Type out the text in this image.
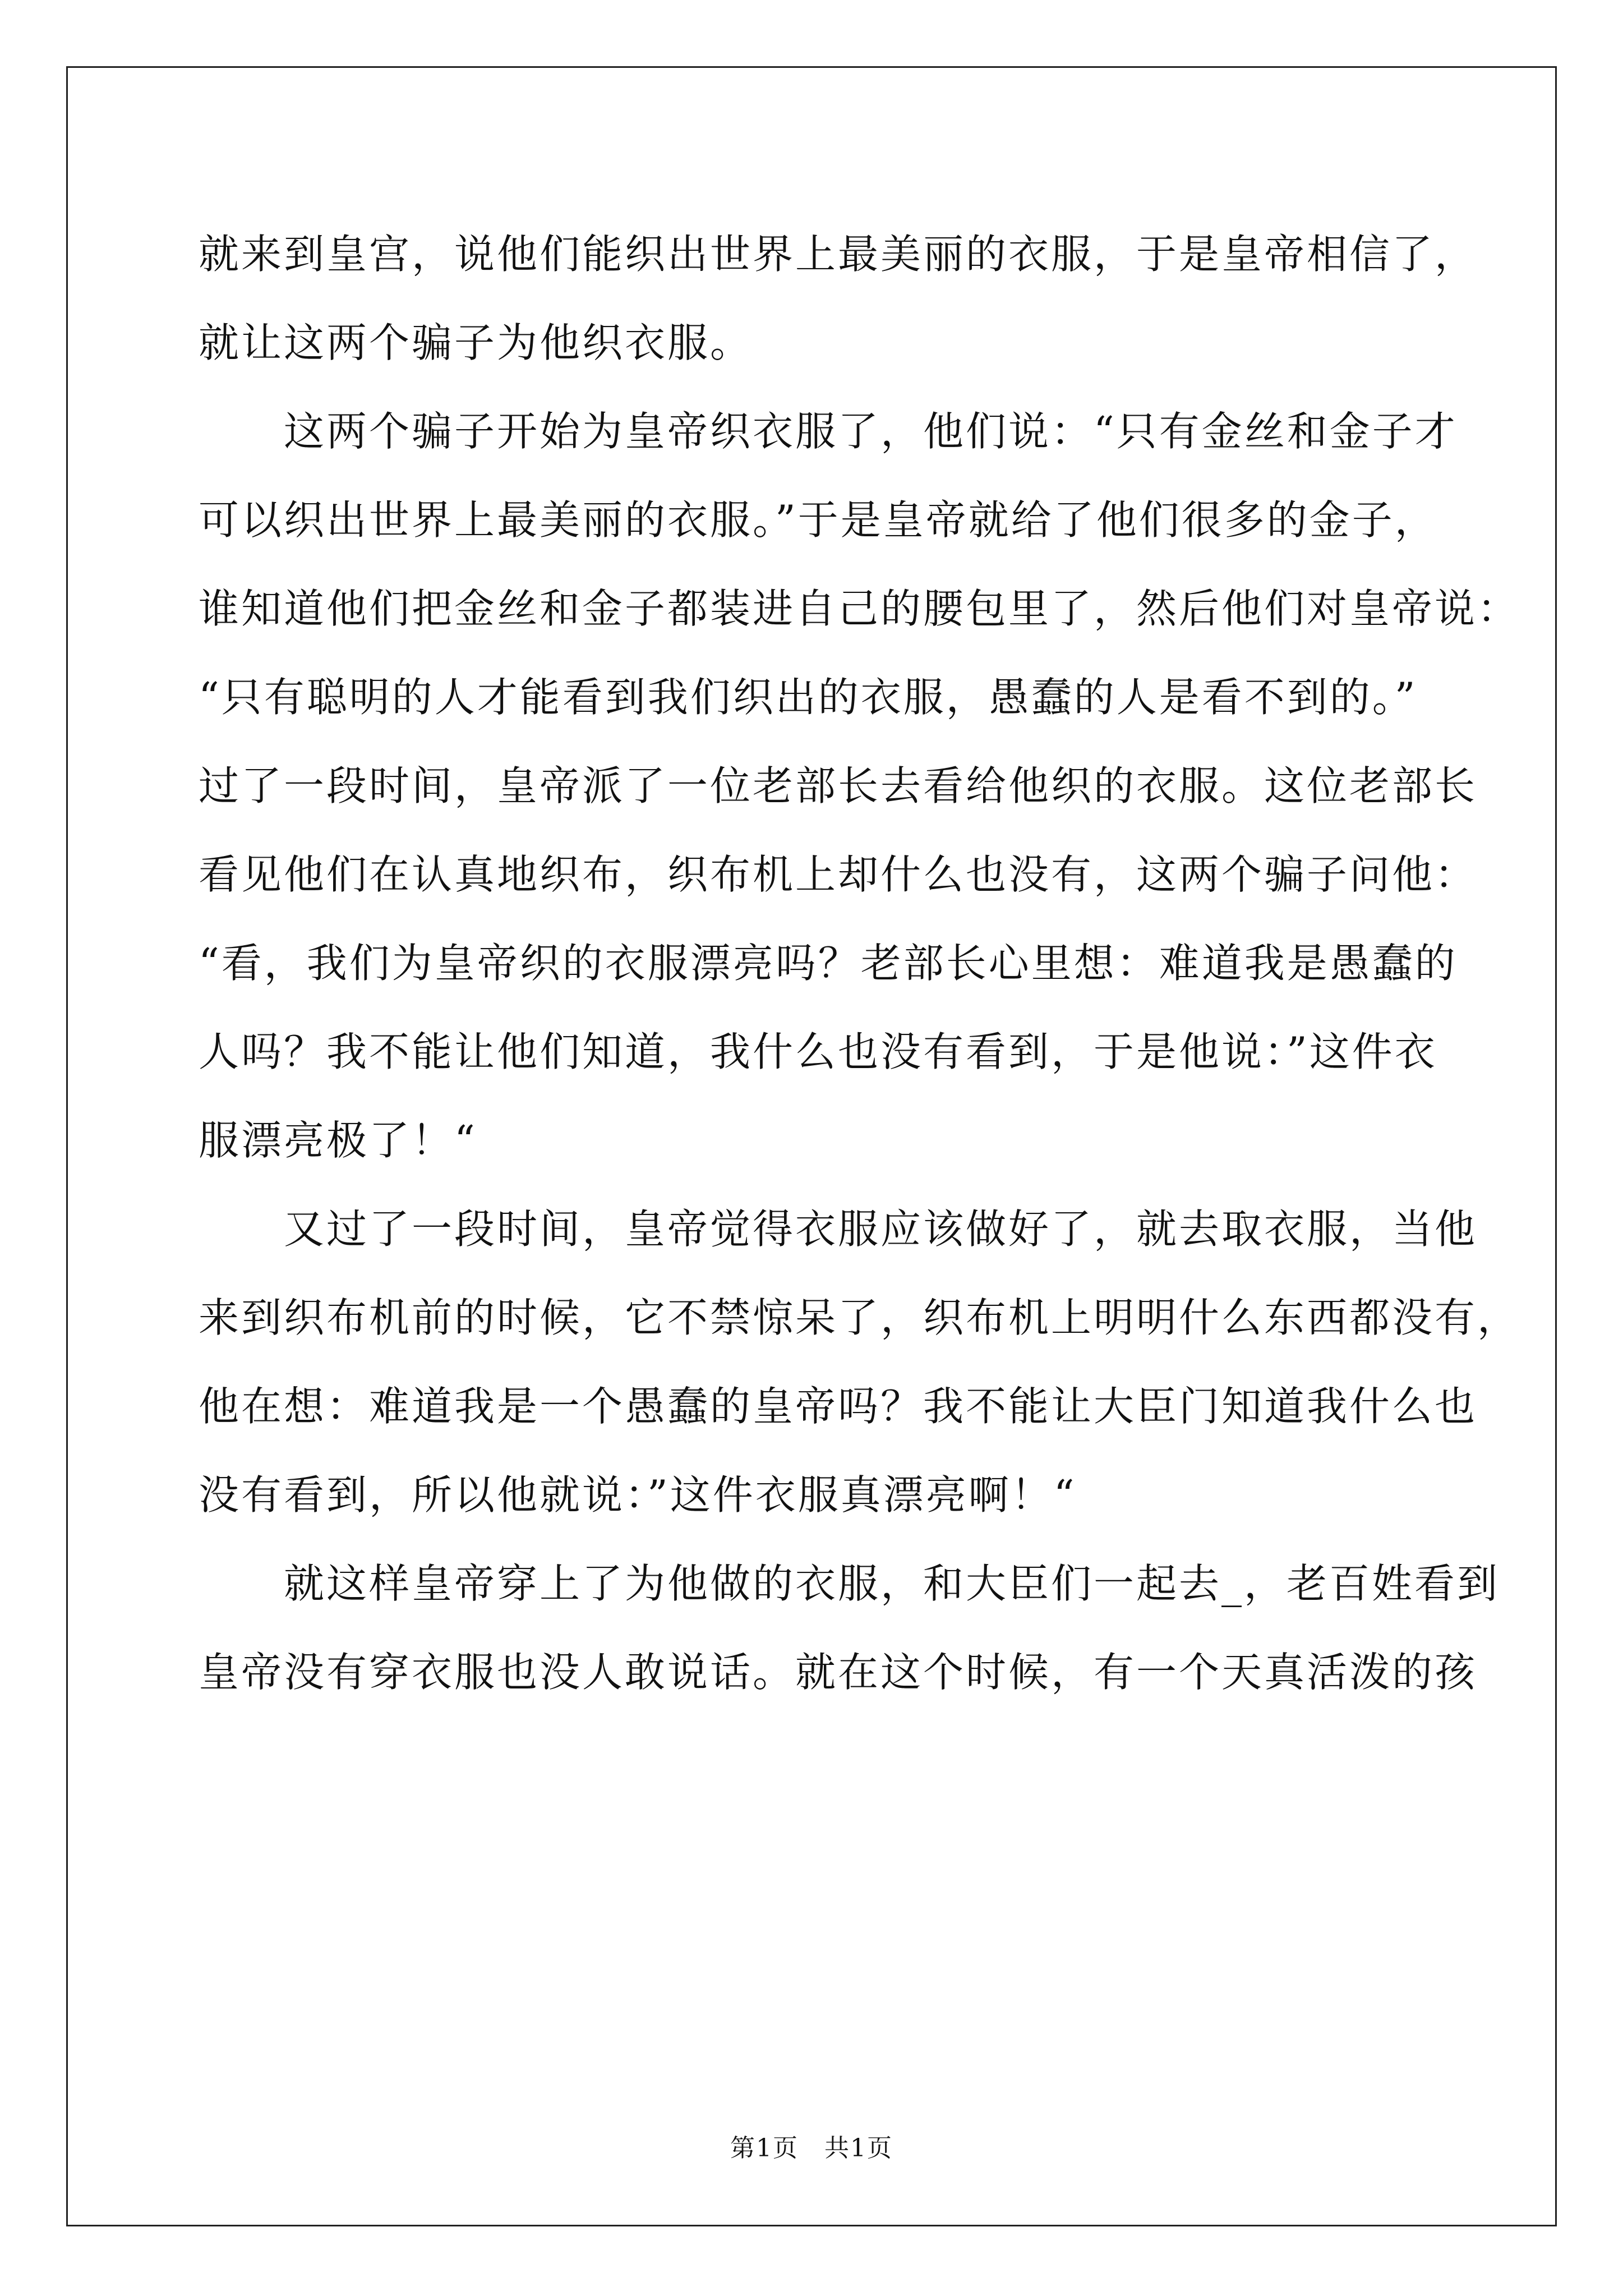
就来到皇宫，说他们能织出世界上最美丽的衣服，于是皇帝相信了，
就让这两个骗子为他织衣服。
　　这两个骗子开始为皇帝织衣服了，他们说：“只有金丝和金子才
可以织出世界上最美丽的衣服。”于是皇帝就给了他们很多的金子，
谁知道他们把金丝和金子都装进自己的腰包里了，然后他们对皇帝说：
“只有聪明的人才能看到我们织出的衣服，愚蠢的人是看不到的。”
过了一段时间，皇帝派了一位老部长去看给他织的衣服。这位老部长
看见他们在认真地织布，织布机上却什么也没有，这两个骗子问他：
“看，我们为皇帝织的衣服漂亮吗？老部长心里想：难道我是愚蠢的
人吗？我不能让他们知道，我什么也没有看到，于是他说：”这件衣
服漂亮极了！“
　　又过了一段时间，皇帝觉得衣服应该做好了，就去取衣服，当他
来到织布机前的时候，它不禁惊呆了，织布机上明明什么东西都没有，
他在想：难道我是一个愚蠢的皇帝吗？我不能让大臣门知道我什么也
没有看到，所以他就说：”这件衣服真漂亮啊！“
　　就这样皇帝穿上了为他做的衣服，和大臣们一起去_，老百姓看到
皇帝没有穿衣服也没人敢说话。就在这个时候，有一个天真活泼的孩
第1页　共1页
